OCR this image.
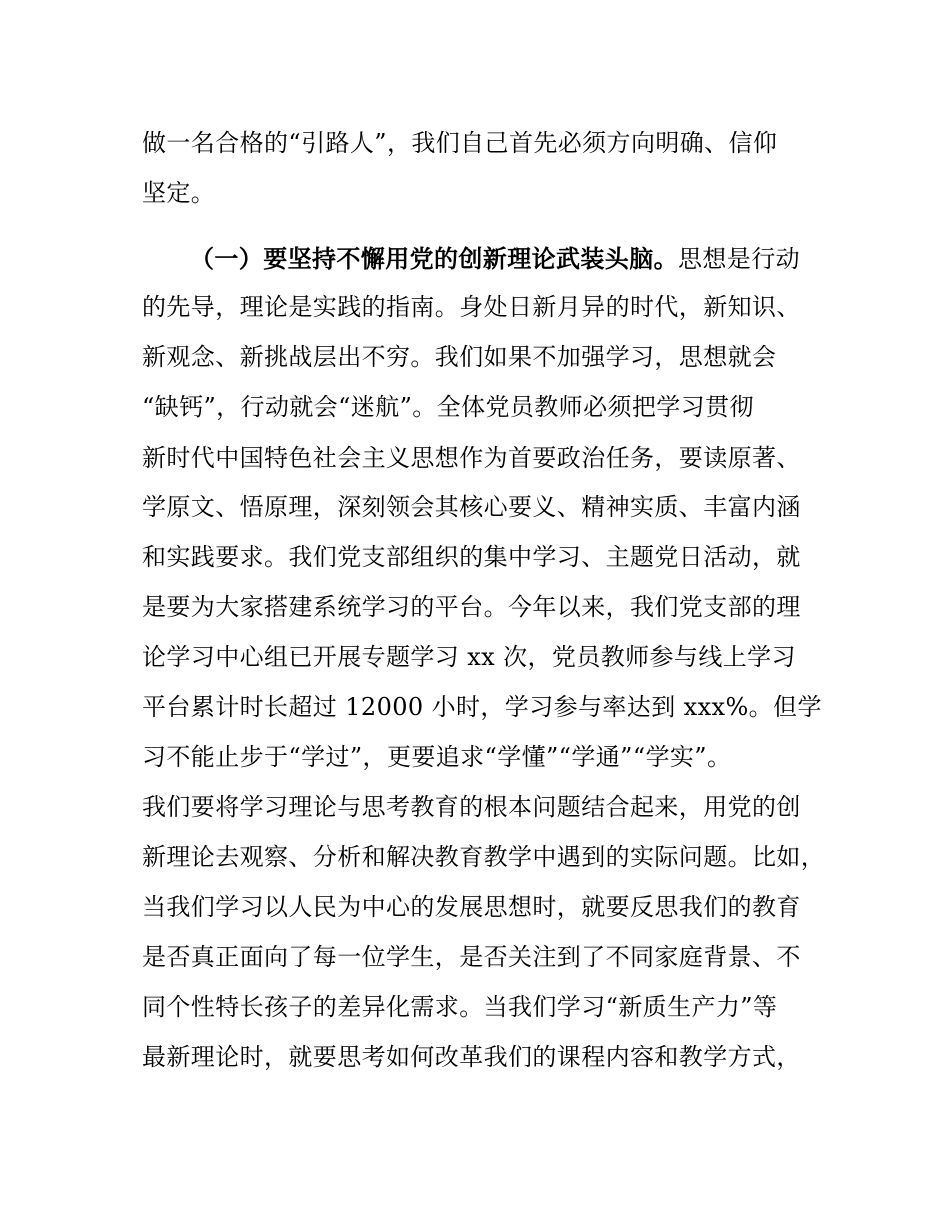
做一名合格的“引路人”，我们自己首先必须方向明确、信仰
坚定。
（一）要坚持不懈用党的创新理论武装头脑。思想是行动
的先导，理论是实践的指南。身处日新月异的时代，新知识、
新观念、新挑战层出不穷。我们如果不加强学习，思想就会
“缺钙”，行动就会“迷航”。全体党员教师必须把学习贯彻
新时代中国特色社会主义思想作为首要政治任务，要读原著、
学原文、悟原理，深刻领会其核心要义、精神实质、丰富内涵
和实践要求。我们党支部组织的集中学习、主题党日活动，就
是要为大家搭建系统学习的平台。今年以来，我们党支部的理
论学习中心组已开展专题学习 xx 次，党员教师参与线上学习
平台累计时长超过 12000 小时，学习参与率达到 xxx%。但学
习不能止步于“学过”，更要追求“学懂”“学通”“学实”。
我们要将学习理论与思考教育的根本问题结合起来，用党的创
新理论去观察、分析和解决教育教学中遇到的实际问题。比如，
当我们学习以人民为中心的发展思想时，就要反思我们的教育
是否真正面向了每一位学生，是否关注到了不同家庭背景、不
同个性特长孩子的差异化需求。当我们学习“新质生产力”等
最新理论时，就要思考如何改革我们的课程内容和教学方式，
